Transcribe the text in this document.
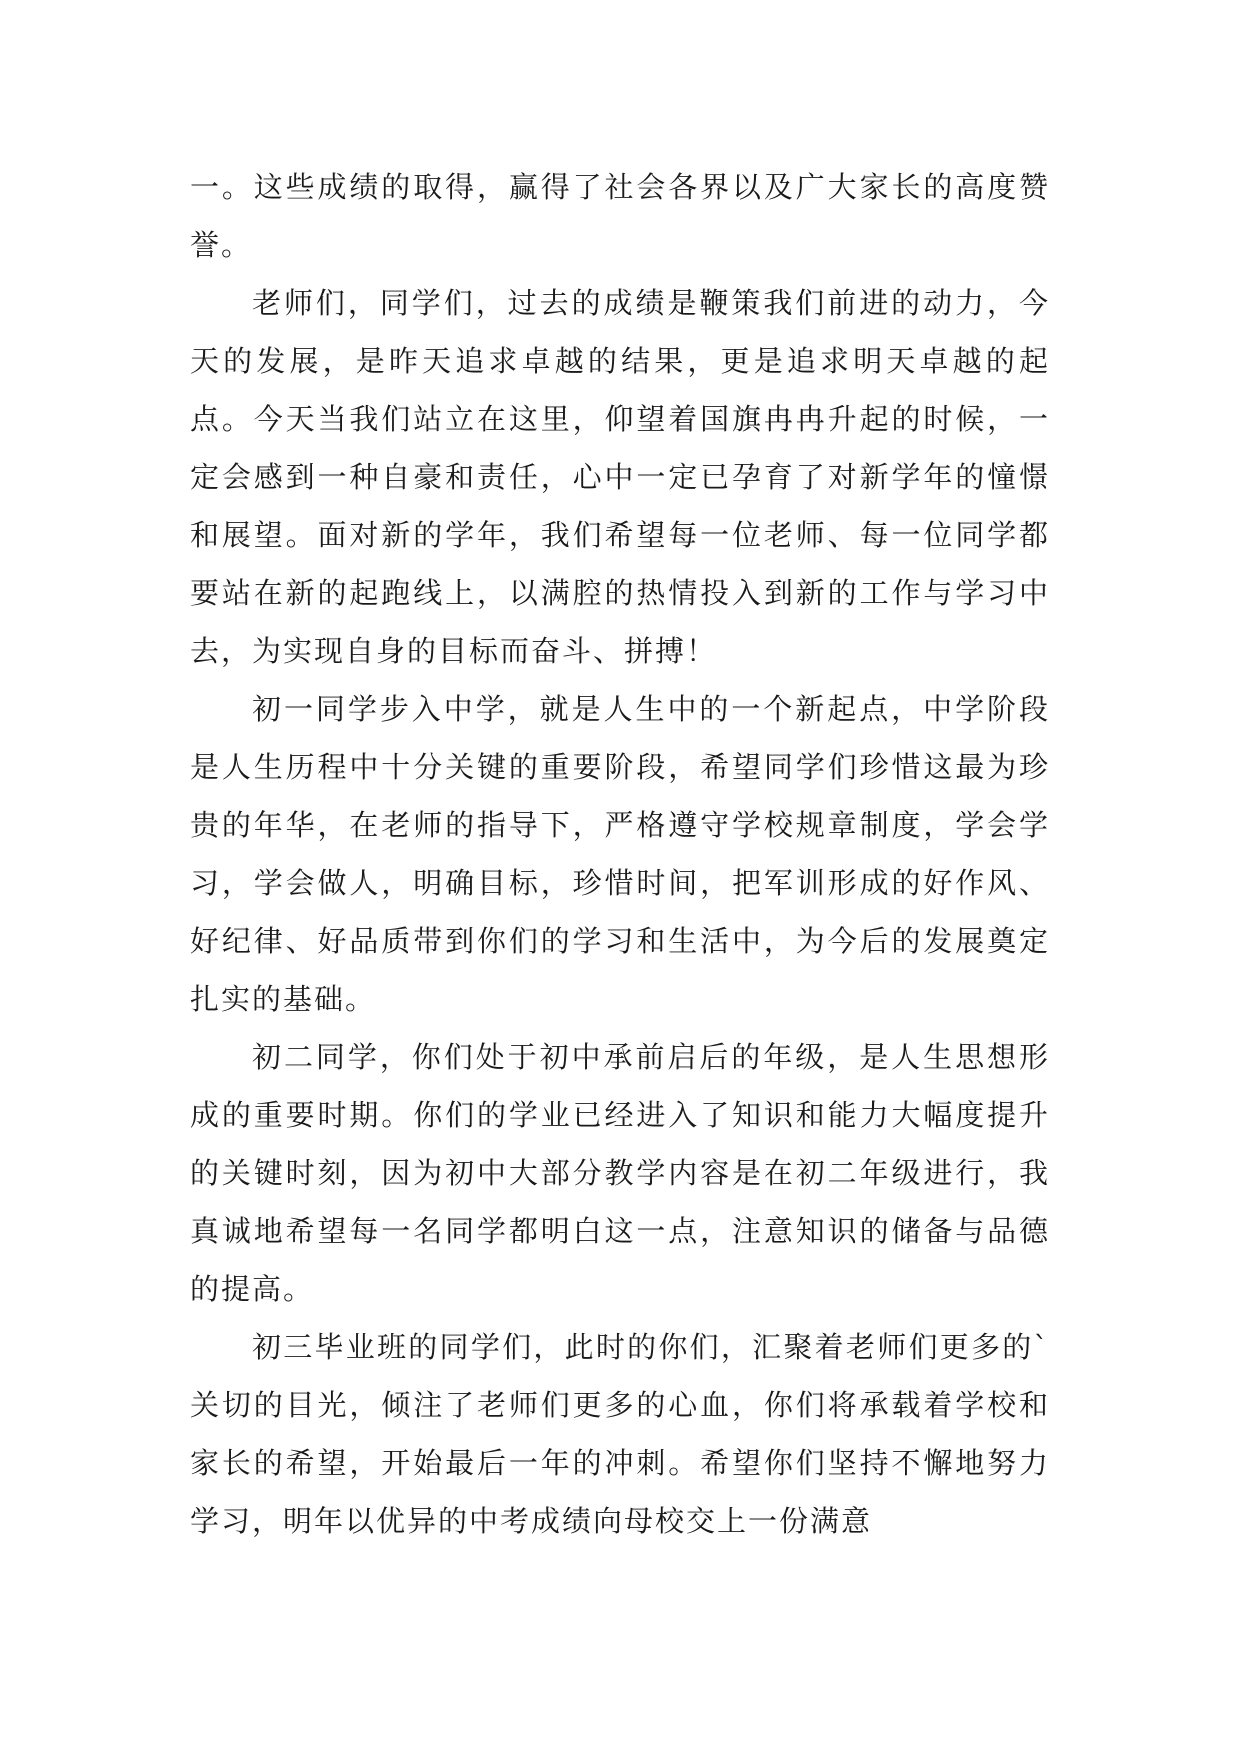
一。这些成绩的取得，赢得了社会各界以及广大家长的高度赞誉。

老师们，同学们，过去的成绩是鞭策我们前进的动力，今天的发展，是昨天追求卓越的结果，更是追求明天卓越的起点。今天当我们站立在这里，仰望着国旗冉冉升起的时候，一定会感到一种自豪和责任，心中一定已孕育了对新学年的憧憬和展望。面对新的学年，我们希望每一位老师、每一位同学都要站在新的起跑线上，以满腔的热情投入到新的工作与学习中去，为实现自身的目标而奋斗、拼搏！

初一同学步入中学，就是人生中的一个新起点，中学阶段是人生历程中十分关键的重要阶段，希望同学们珍惜这最为珍贵的年华，在老师的指导下，严格遵守学校规章制度，学会学习，学会做人，明确目标，珍惜时间，把军训形成的好作风、好纪律、好品质带到你们的学习和生活中，为今后的发展奠定扎实的基础。

初二同学，你们处于初中承前启后的年级，是人生思想形成的重要时期。你们的学业已经进入了知识和能力大幅度提升的关键时刻，因为初中大部分教学内容是在初二年级进行，我真诚地希望每一名同学都明白这一点，注意知识的储备与品德的提高。

初三毕业班的同学们，此时的你们，汇聚着老师们更多的`关切的目光，倾注了老师们更多的心血，你们将承载着学校和家长的希望，开始最后一年的冲刺。希望你们坚持不懈地努力学习，明年以优异的中考成绩向母校交上一份满意
